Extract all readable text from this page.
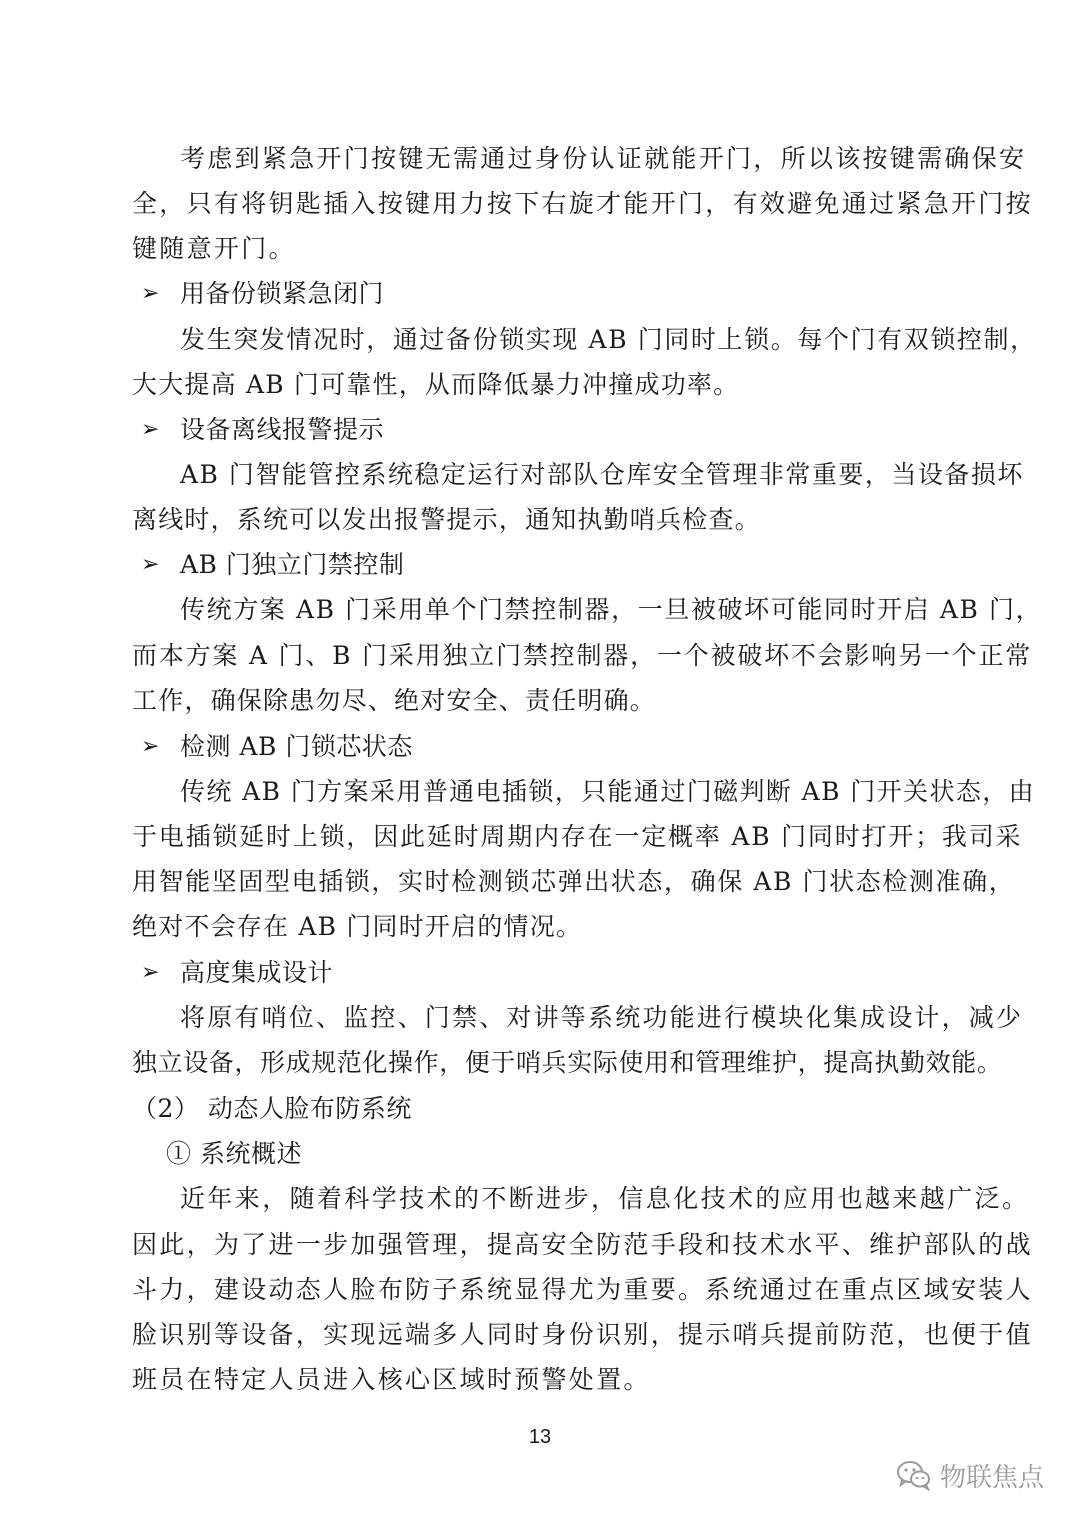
考虑到紧急开门按键无需通过身份认证就能开门，所以该按键需确保安
全，只有将钥匙插入按键用力按下右旋才能开门，有效避免通过紧急开门按
键随意开门。
➢ 用备份锁紧急闭门
发生突发情况时，通过备份锁实现 AB 门同时上锁。每个门有双锁控制，
大大提高 AB 门可靠性，从而降低暴力冲撞成功率。
➢ 设备离线报警提示
AB 门智能管控系统稳定运行对部队仓库安全管理非常重要，当设备损坏
离线时，系统可以发出报警提示，通知执勤哨兵检查。
➢ AB 门独立门禁控制
传统方案 AB 门采用单个门禁控制器，一旦被破坏可能同时开启 AB 门，
而本方案 A 门、B 门采用独立门禁控制器，一个被破坏不会影响另一个正常
工作，确保除患勿尽、绝对安全、责任明确。
➢ 检测 AB 门锁芯状态
传统 AB 门方案采用普通电插锁，只能通过门磁判断 AB 门开关状态，由
于电插锁延时上锁，因此延时周期内存在一定概率 AB 门同时打开；我司采
用智能坚固型电插锁，实时检测锁芯弹出状态，确保 AB 门状态检测准确，
绝对不会存在 AB 门同时开启的情况。
➢ 高度集成设计
将原有哨位、监控、门禁、对讲等系统功能进行模块化集成设计，减少
独立设备，形成规范化操作，便于哨兵实际使用和管理维护，提高执勤效能。
（2） 动态人脸布防系统
① 系统概述
近年来，随着科学技术的不断进步，信息化技术的应用也越来越广泛。
因此，为了进一步加强管理，提高安全防范手段和技术水平、维护部队的战
斗力，建设动态人脸布防子系统显得尤为重要。系统通过在重点区域安装人
脸识别等设备，实现远端多人同时身份识别，提示哨兵提前防范，也便于值
班员在特定人员进入核心区域时预警处置。
13
物联焦点
